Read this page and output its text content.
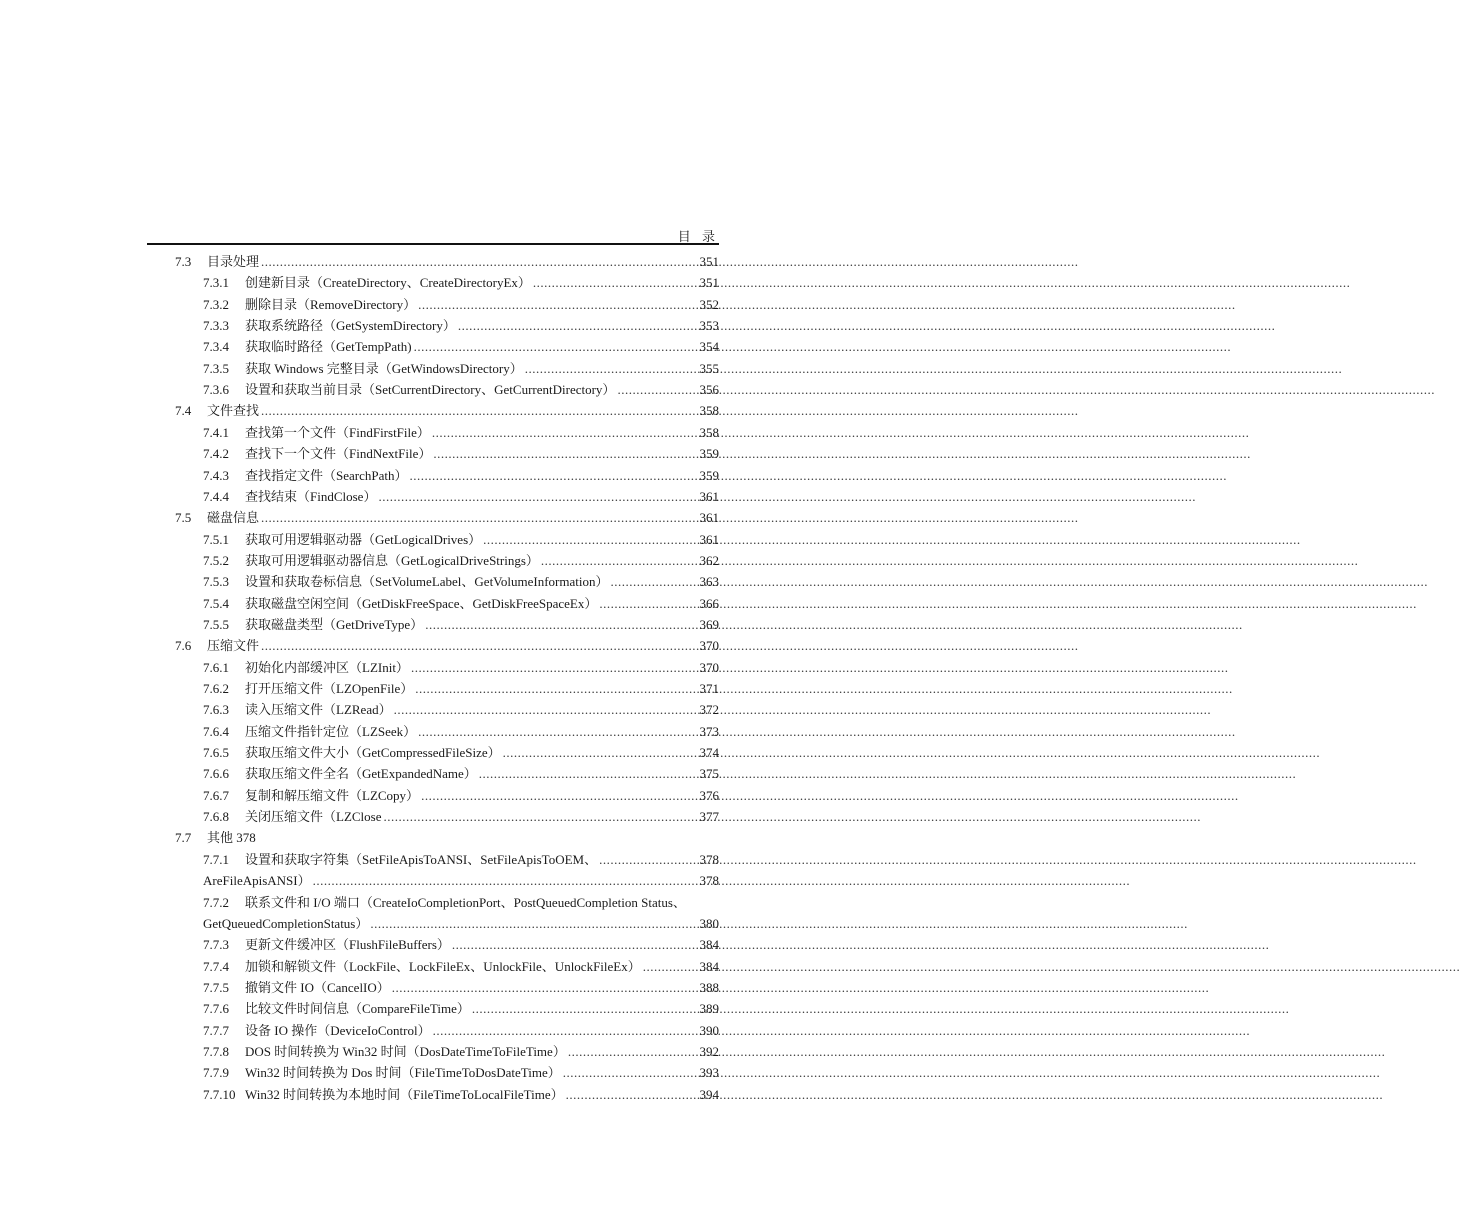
目 录
7.3	目录处理 .....	351
7.3.1	创建新目录（CreateDirectory、CreateDirectoryEx） .....	351
7.3.2	删除目录（RemoveDirectory） .....	352
7.3.3	获取系统路径（GetSystemDirectory） .....	353
7.3.4	获取临时路径（GetTempPath) .....	354
7.3.5	获取 Windows 完整目录（GetWindowsDirectory） .....	355
7.3.6	设置和获取当前目录（SetCurrentDirectory、GetCurrentDirectory） .....	356
7.4	文件查找 .....	358
7.4.1	查找第一个文件（FindFirstFile） .....	358
7.4.2	查找下一个文件（FindNextFile） .....	359
7.4.3	查找指定文件（SearchPath） .....	359
7.4.4	查找结束（FindClose） .....	361
7.5	磁盘信息 .....	361
7.5.1	获取可用逻辑驱动器（GetLogicalDrives） .....	361
7.5.2	获取可用逻辑驱动器信息（GetLogicalDriveStrings） .....	362
7.5.3	设置和获取卷标信息（SetVolumeLabel、GetVolumeInformation） .....	363
7.5.4	获取磁盘空闲空间（GetDiskFreeSpace、GetDiskFreeSpaceEx） .....	366
7.5.5	获取磁盘类型（GetDriveType） .....	369
7.6	压缩文件 .....	370
7.6.1	初始化内部缓冲区（LZInit） .....	370
7.6.2	打开压缩文件（LZOpenFile） .....	371
7.6.3	读入压缩文件（LZRead） .....	372
7.6.4	压缩文件指针定位（LZSeek） .....	373
7.6.5	获取压缩文件大小（GetCompressedFileSize） .....	374
7.6.6	获取压缩文件全名（GetExpandedName） .....	375
7.6.7	复制和解压缩文件（LZCopy） .....	376
7.6.8	关闭压缩文件（LZClose .....	377
7.7	其他 378
7.7.1	设置和获取字符集（SetFileApisToANSI、SetFileApisToOEM、 .....	378
AreFileApisANSI） .....	378
7.7.2	联系文件和 I/O 端口（CreateIoCompletionPort、PostQueuedCompletion Status、
GetQueuedCompletionStatus） .....	380
7.7.3	更新文件缓冲区（FlushFileBuffers） .....	384
7.7.4	加锁和解锁文件（LockFile、LockFileEx、UnlockFile、UnlockFileEx） .....	384
7.7.5	撤销文件 IO（CancelIO） .....	388
7.7.6	比较文件时间信息（CompareFileTime） .....	389
7.7.7	设备 IO 操作（DeviceIoControl） .....	390
7.7.8	DOS 时间转换为 Win32 时间（DosDateTimeToFileTime） .....	392
7.7.9	Win32 时间转换为 Dos 时间（FileTimeToDosDateTime） .....	393
7.7.10 Win32 时间转换为本地时间（FileTimeToLocalFileTime） .....	394
